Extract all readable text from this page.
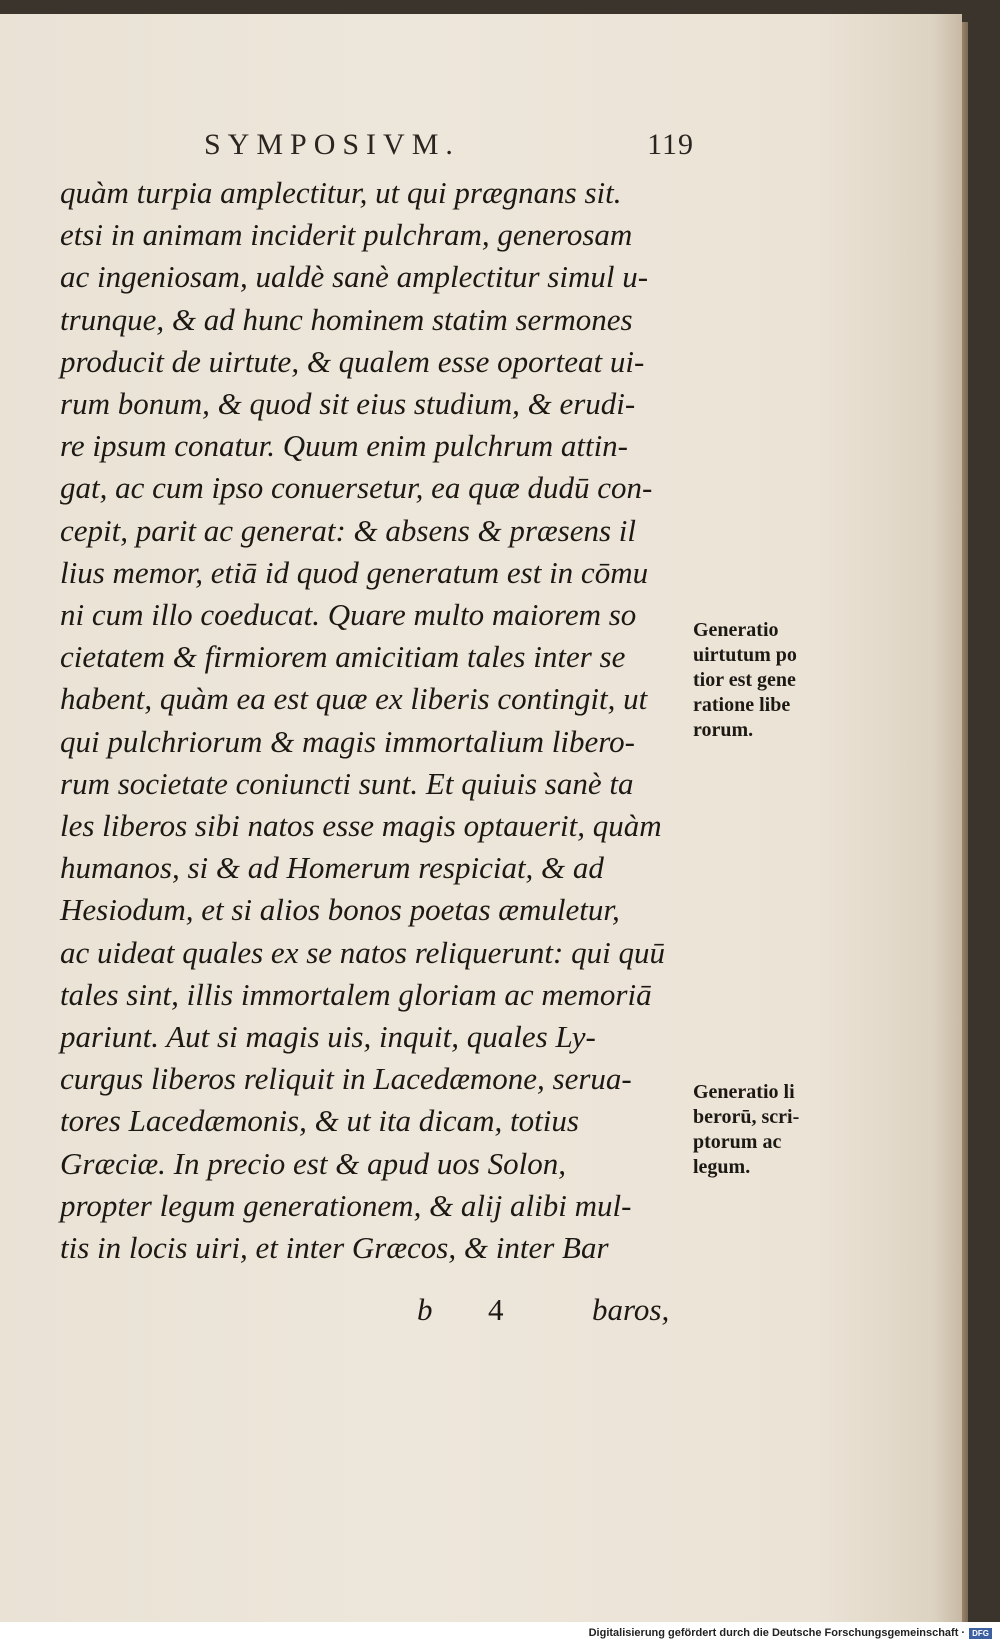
SYMPOSIVM.	119
quàm turpia amplectitur, ut qui prægnans sit.
etsi in animam inciderit pulchram, generosam
ac ingeniosam, ualdè sanè amplectitur simul u-
trunque, & ad hunc hominem statim sermones
producit de uirtute, & qualem esse oporteat ui-
rum bonum, & quod sit eius studium, & erudi-
re ipsum conatur. Quum enim pulchrum attin-
gat, ac cum ipso conuersetur, ea quæ dudū con-
cepit, parit ac generat: & absens & præsens il
lius memor, etiā id quod generatum est in cōmu
ni cum illo coeducat. Quare multo maiorem so
cietatem & firmiorem amicitiam tales inter se
habent, quàm ea est quæ ex liberis contingit, ut
qui pulchriorum & magis immortalium libero-
rum societate coniuncti sunt. Et quiuis sanè ta
les liberos sibi natos esse magis optauerit, quàm
humanos, si & ad Homerum respiciat, & ad
Hesiodum, et si alios bonos poetas æmuletur,
ac uideat quales ex se natos reliquerunt: qui quū
tales sint, illis immortalem gloriam ac memoriā
pariunt. Aut si magis uis, inquit, quales Ly-
curgus liberos reliquit in Lacedæmone, serua-
tores Lacedæmonis, & ut ita dicam, totius
Græciæ. In precio est & apud uos Solon,
propter legum generationem, & alij alibi mul-
tis in locis uiri, et inter Græcos, & inter Bar
Generatio
uirtutum po
tior est gene
ratione libe
rorum.
Generatio li
berorū, scri-
ptorum ac
legum.
b 4	baros,
Digitalisierung gefördert durch die Deutsche Forschungsgemeinschaft · DFG
